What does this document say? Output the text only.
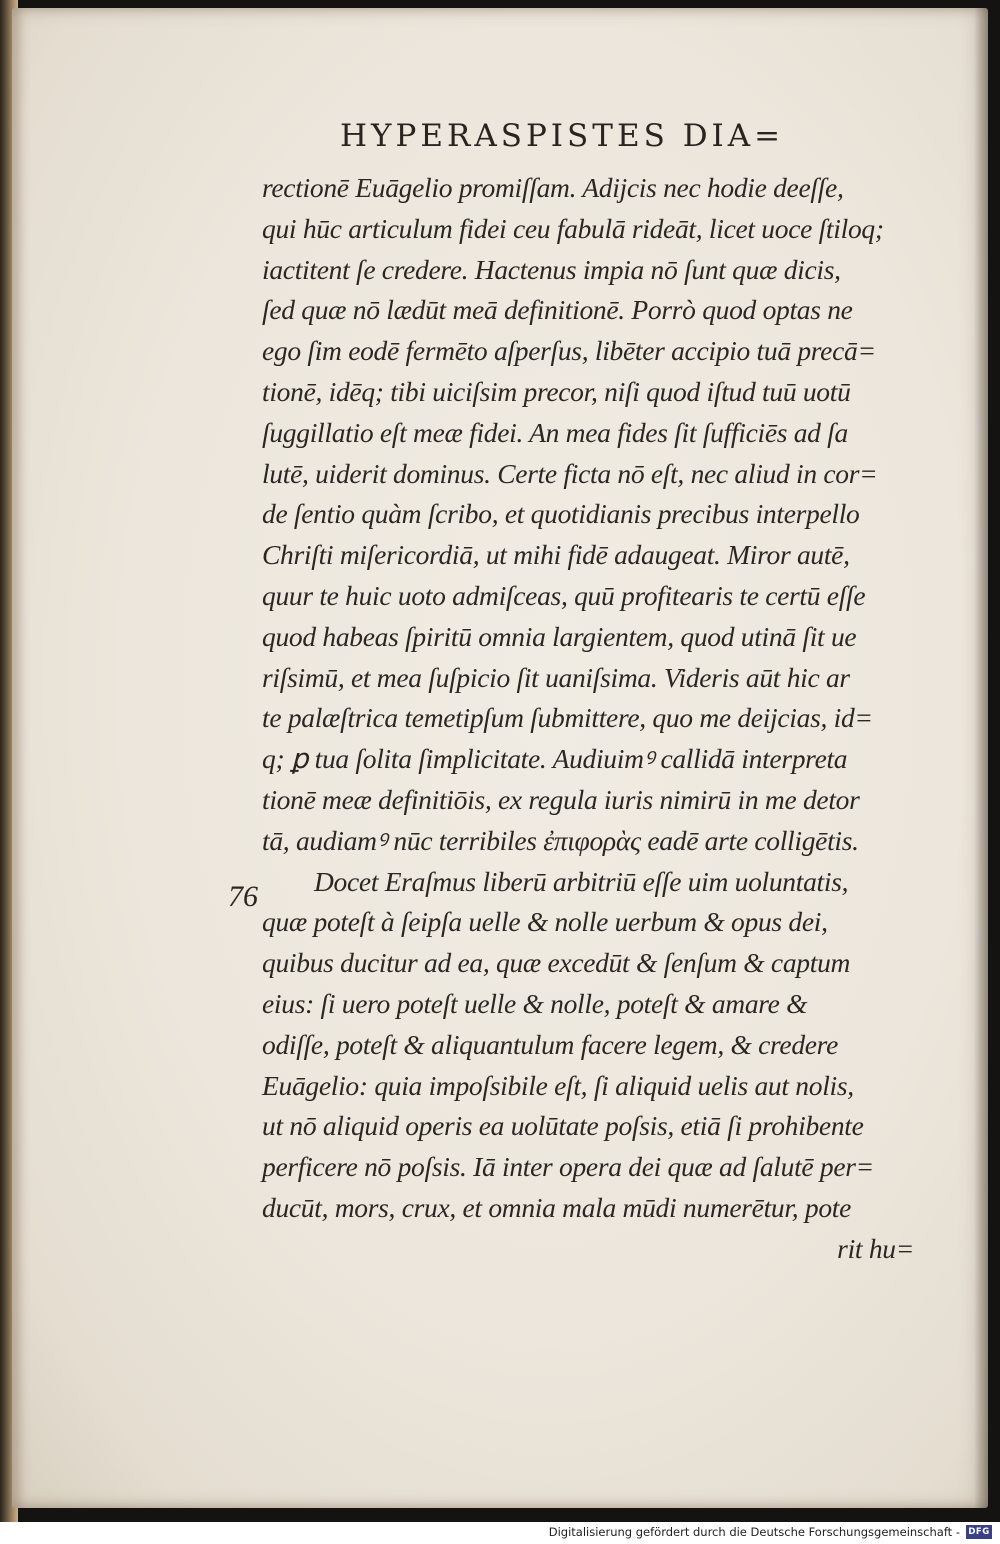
HYPERASPISTES DIA=
76
rectionē Euāgelio promiſſam. Adijcis nec hodie deeſſe,
qui hūc articulum fidei ceu fabulā rideāt, licet uoce ſtiloq;
iactitent ſe credere. Hactenus impia nō ſunt quæ dicis,
ſed quæ nō lædūt meā definitionē. Porrò quod optas ne
ego ſim eodē fermēto aſperſus, libēter accipio tuā precā=
tionē, idēq; tibi uiciſsim precor, niſi quod iſtud tuū uotū
ſuggillatio eſt meæ fidei. An mea fides ſit ſufficiēs ad ſa
lutē, uiderit dominus. Certe ficta nō eſt, nec aliud in cor=
de ſentio quàm ſcribo, et quotidianis precibus interpello
Chriſti miſericordiā, ut mihi fidē adaugeat. Miror autē,
quur te huic uoto admiſceas, quū profitearis te certū eſſe
quod habeas ſpiritū omnia largientem, quod utinā ſit ue
riſsimū, et mea ſuſpicio ſit uaniſsima. Videris aūt hic ar
te palæſtrica temetipſum ſubmittere, quo me deijcias, id=
q; ꝑ tua ſolita ſimplicitate. Audiuimꝰ callidā interpreta
tionē meæ definitiōis, ex regula iuris nimirū in me detor
tā, audiamꝰ nūc terribiles ἐπιφορὰς eadē arte colligētis.
Docet Eraſmus liberū arbitriū eſſe uim uoluntatis,
quæ poteſt à ſeipſa uelle & nolle uerbum & opus dei,
quibus ducitur ad ea, quæ excedūt & ſenſum & captum
eius: ſi uero poteſt uelle & nolle, poteſt & amare &
odiſſe, poteſt & aliquantulum facere legem, & credere
Euāgelio: quia impoſsibile eſt, ſi aliquid uelis aut nolis,
ut nō aliquid operis ea uolūtate poſsis, etiā ſi prohibente
perficere nō poſsis. Iā inter opera dei quæ ad ſalutē per=
ducūt, mors, crux, et omnia mala mūdi numerētur, pote
rit hu=
Digitalisierung gefördert durch die Deutsche Forschungsgemeinschaft - DFG
